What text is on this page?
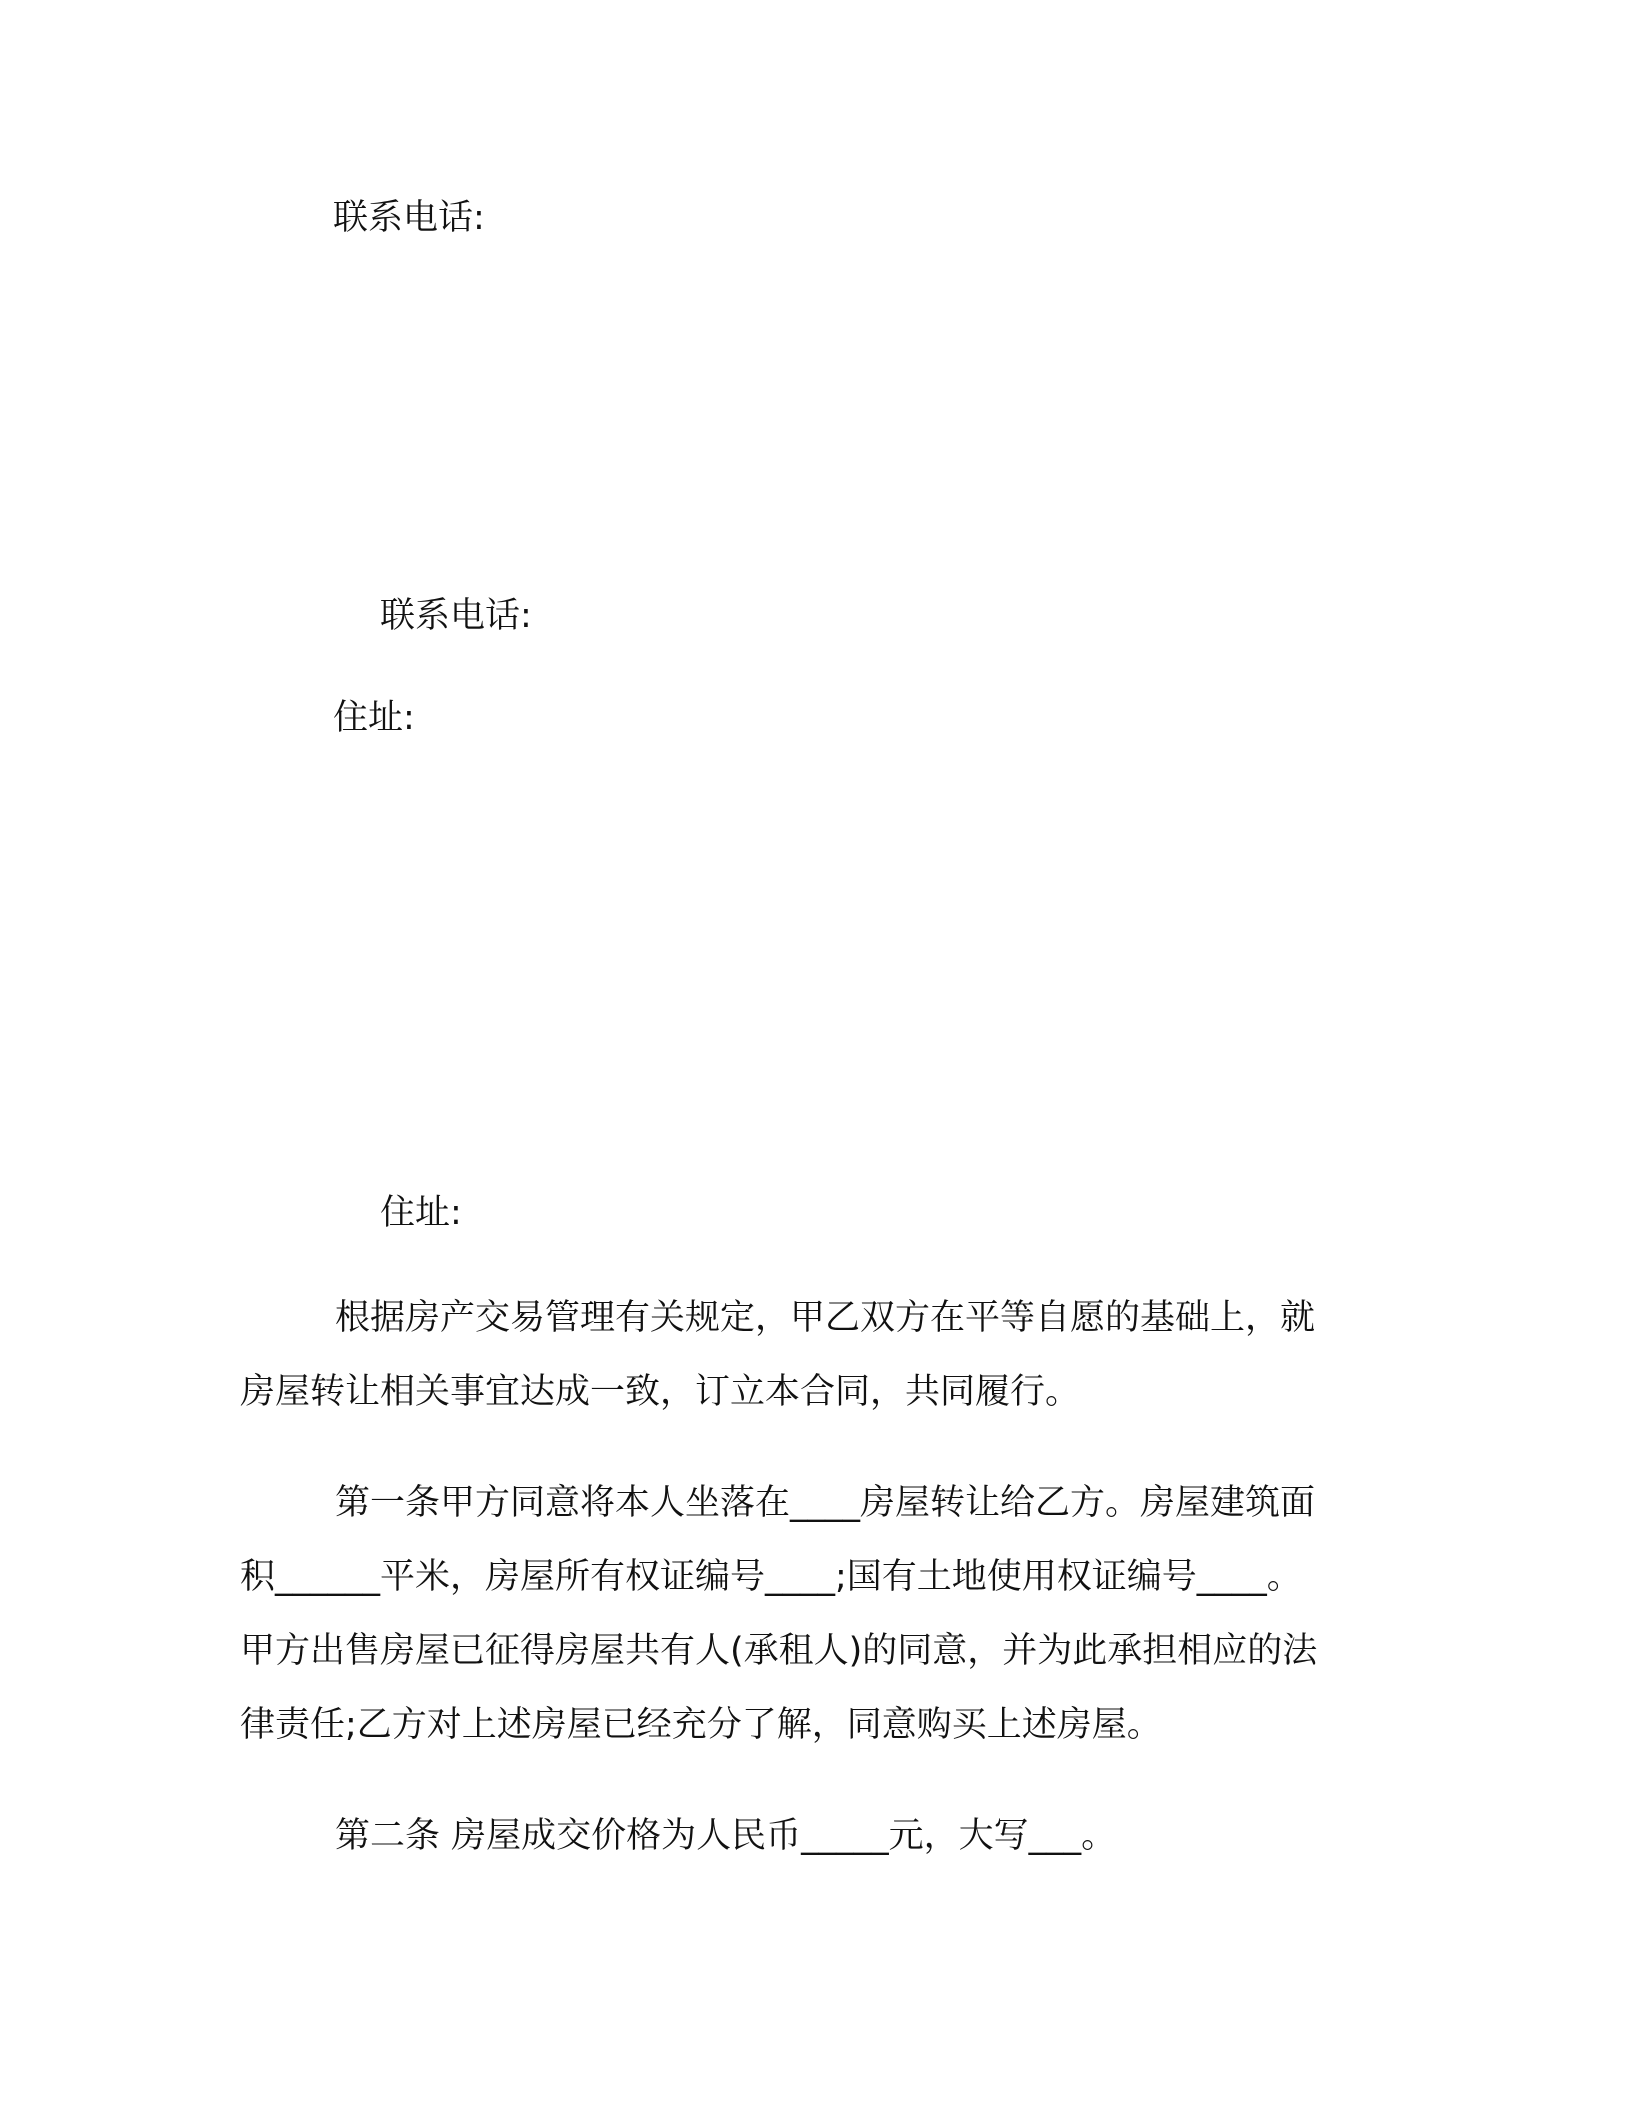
联系电话:
联系电话:
住址:
住址:
根据房产交易管理有关规定，甲乙双方在平等自愿的基础上，就
房屋转让相关事宜达成一致，订立本合同，共同履行。
第一条甲方同意将本人坐落在____房屋转让给乙方。房屋建筑面
积______平米，房屋所有权证编号____;国有土地使用权证编号____。
甲方出售房屋已征得房屋共有人(承租人)的同意，并为此承担相应的法
律责任;乙方对上述房屋已经充分了解，同意购买上述房屋。
第二条 房屋成交价格为人民币_____元，大写___。
